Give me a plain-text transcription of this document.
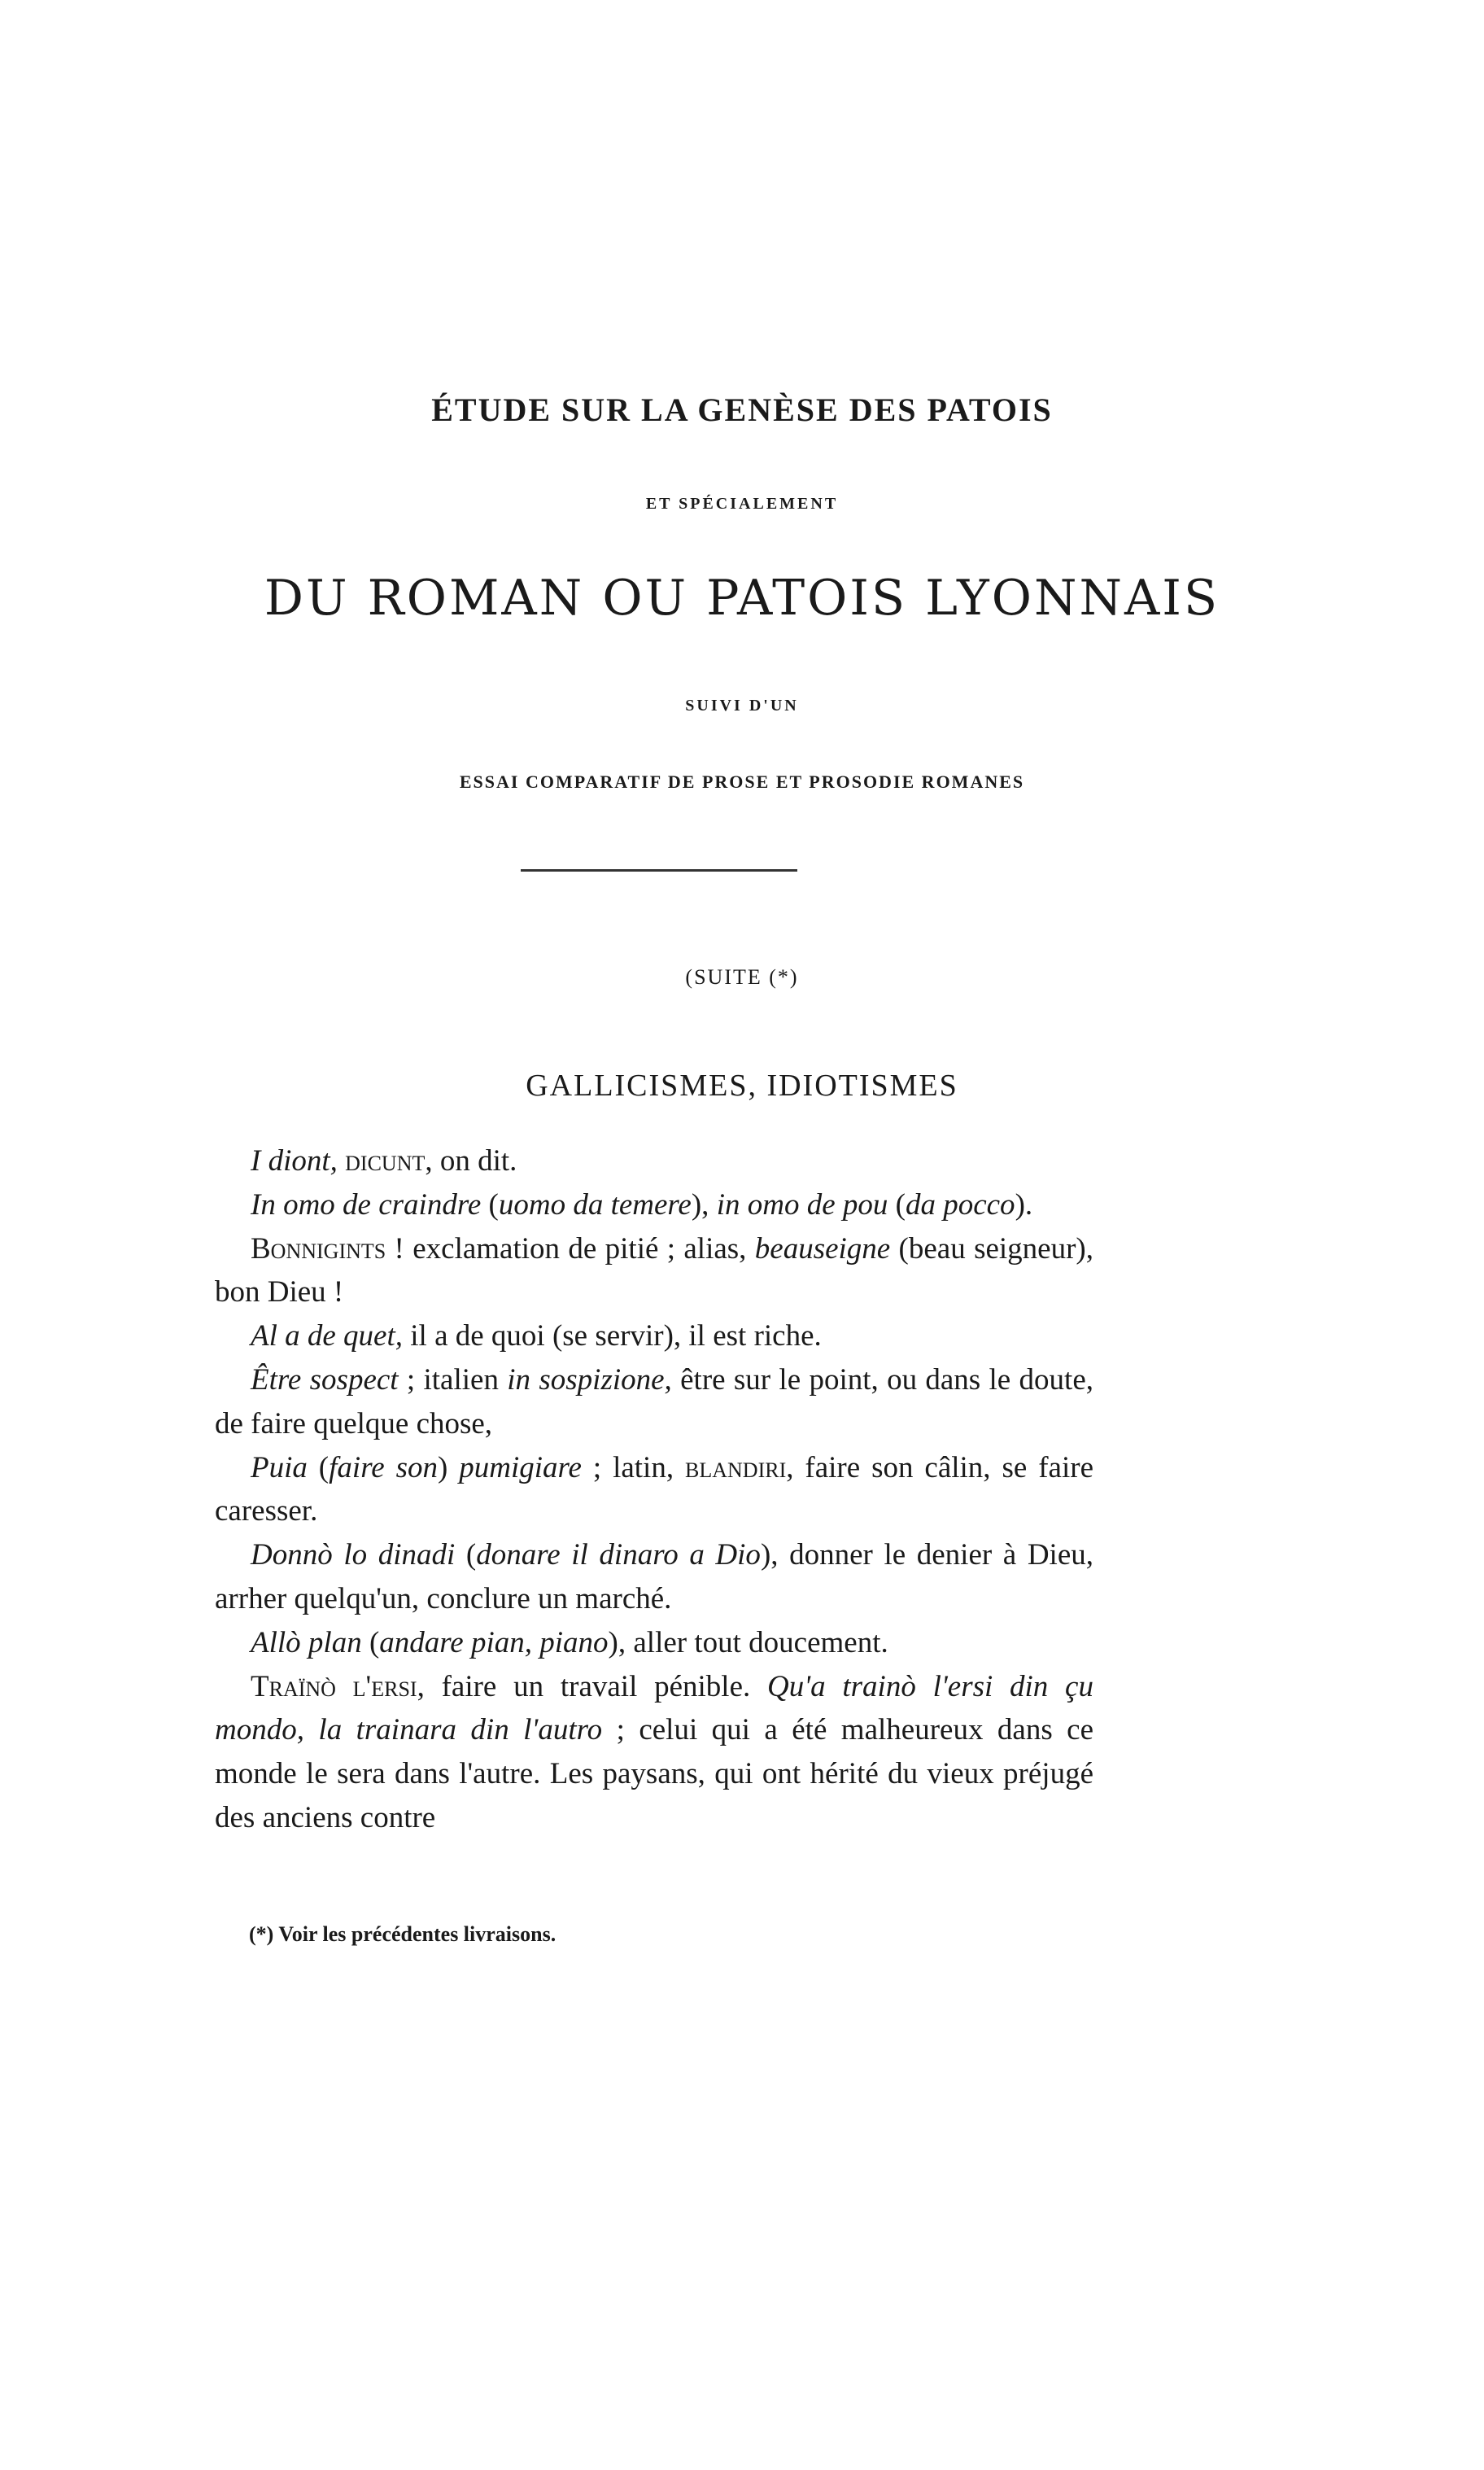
ÉTUDE SUR LA GENÈSE DES PATOIS
ET SPÉCIALEMENT
DU ROMAN OU PATOIS LYONNAIS
SUIVI D'UN
ESSAI COMPARATIF DE PROSE ET PROSODIE ROMANES
(SUITE (*)
GALLICISMES, IDIOTISMES

I diont, dicunt, on dit.

In omo de craindre (uomo da temere), in omo de pou (da pocco).

Bonnigints ! exclamation de pitié ; alias, beauseigne (beau seigneur), bon Dieu !

Al a de quet, il a de quoi (se servir), il est riche.

Être sospect ; italien in sospizione, être sur le point, ou dans le doute, de faire quelque chose,

Puia (faire son) pumigiare ; latin, blandiri, faire son câlin, se faire caresser.

Donnò lo dinadi (donare il dinaro a Dio), donner le denier à Dieu, arrher quelqu'un, conclure un marché.

Allò plan (andare pian, piano), aller tout doucement.

Traïnò l'ersi, faire un travail pénible. Qu'a trainò l'ersi din çu mondo, la trainara din l'autro ; celui qui a été malheureux dans ce monde le sera dans l'autre. Les paysans, qui ont hérité du vieux préjugé des anciens contre

(*) Voir les précédentes livraisons.
